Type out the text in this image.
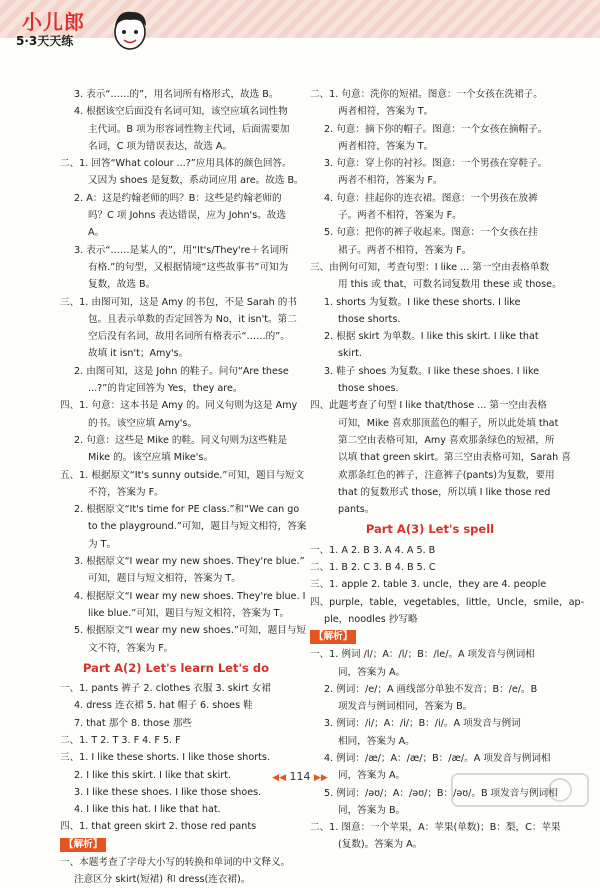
小儿郎
5·3天天练
3. 表示“……的”，用名词所有格形式，故选 B。
4. 根据该空后面没有名词可知，该空应填名词性物
主代词。B 项为形容词性物主代词，后面需要加
名词，C 项为错误表达，故选 A。
二、1. 回答“What colour ...?”应用具体的颜色回答。
又因为 shoes 是复数，系动词应用 are。故选 B。
2. A：这是约翰老师的吗？B：这些是约翰老师的
吗？C 项 Johns 表达错误，应为 John's。故选
A。
3. 表示“……是某人的”，用“It's/They're＋名词所
有格.”的句型，又根据情境“这些故事书”可知为
复数，故选 B。
三、1. 由图可知，这是 Amy 的书包，不是 Sarah 的书
包。且表示单数的否定回答为 No，it isn't。第二
空后没有名词，故用名词所有格表示“……的”。
故填 it isn't；Amy's。
2. 由图可知，这是 John 的鞋子。问句“Are these
...?”的肯定回答为 Yes，they are。
四、1. 句意：这本书是 Amy 的。同义句则为这是 Amy
的书。该空应填 Amy's。
2. 句意：这些是 Mike 的鞋。同义句则为这些鞋是
Mike 的。该空应填 Mike's。
五、1. 根据原文“It's sunny outside.”可知，题目与短文
不符，答案为 F。
2. 根据原文“It's time for PE class.”和“We can go
to the playground.”可知，题目与短文相符，答案
为 T。
3. 根据原文“I wear my new shoes. They're blue.”
可知，题目与短文相符，答案为 T。
4. 根据原文“I wear my new shoes. They're blue. I
like blue.”可知，题目与短文相符，答案为 T。
5. 根据原文“I wear my new shoes.”可知，题目与短
文不符，答案为 F。
Part A(2) Let's learn Let's do
一、1. pants 裤子 2. clothes 衣服 3. skirt 女裙
4. dress 连衣裙 5. hat 帽子 6. shoes 鞋
7. that 那个 8. those 那些
二、1. T 2. T 3. F 4. F 5. F
三、1. I like these shorts. I like those shorts.
2. I like this skirt. I like that skirt.
3. I like these shoes. I like those shoes.
4. I like this hat. I like that hat.
四、1. that green skirt 2. those red pants
【解析】
一、本题考查了字母大小写的转换和单词的中文释义。
注意区分 skirt(短裙) 和 dress(连衣裙)。
二、1. 句意：洗你的短裙。图意：一个女孩在洗裙子。
两者相符，答案为 T。
2. 句意：摘下你的帽子。图意：一个女孩在摘帽子。
两者相符，答案为 T。
3. 句意：穿上你的衬衫。图意：一个男孩在穿鞋子。
两者不相符，答案为 F。
4. 句意：挂起你的连衣裙。图意：一个男孩在放裤
子。两者不相符，答案为 F。
5. 句意：把你的裤子收起来。图意：一个女孩在挂
裙子。两者不相符，答案为 F。
三、由例句可知，考查句型：I like ... 第一空由表格单数
用 this 或 that，可数名词复数用 these 或 those。
1. shorts 为复数。I like these shorts. I like
those shorts.
2. 根据 skirt 为单数。I like this skirt. I like that
skirt.
3. 鞋子 shoes 为复数。I like these shoes. I like
those shoes.
四、此题考查了句型 I like that/those ... 第一空由表格
可知，Mike 喜欢那顶蓝色的帽子，所以此处填 that
第二空由表格可知，Amy 喜欢那条绿色的短裙，所
以填 that green skirt。第三空由表格可知，Sarah 喜
欢那条红色的裤子，注意裤子(pants)为复数，要用
that 的复数形式 those，所以填 I like those red
pants。
Part A(3) Let's spell
一、1. A 2. B 3. A 4. A 5. B
二、1. B 2. C 3. B 4. B 5. C
三、1. apple 2. table 3. uncle，they are 4. people
四、purple，table，vegetables，little，Uncle，smile，ap-
ple，noodles 抄写略
【解析】
一、1. 例词 /l/；A：/l/；B：/le/。A 项发音与例词相
同，答案为 A。
2. 例词：/e/；A 画线部分单独不发音；B：/e/。B
项发音与例词相同，答案为 B。
3. 例词：/i/；A：/i/；B：/i/。A 项发音与例词
相同，答案为 A。
4. 例词：/æ/；A：/æ/；B：/æ/。A 项发音与例词相
同，答案为 A。
5. 例词：/əʊ/；A：/əʊ/；B：/əʊ/。B 项发音与例词相
同，答案为 B。
二、1. 图意：一个苹果，A：苹果(单数)；B：梨，C：苹果
(复数)。答案为 A。
◀◀ 114 ▶▶
